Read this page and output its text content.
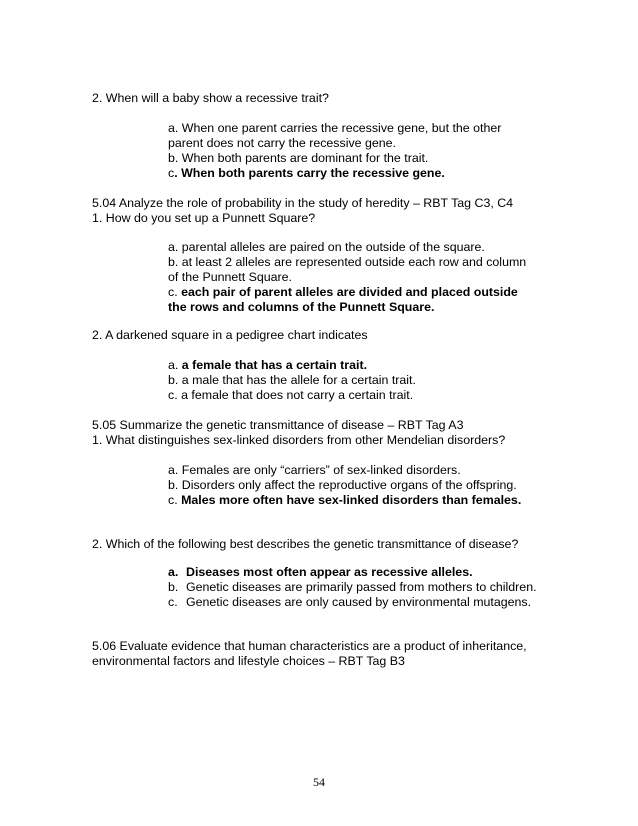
2. When will a baby show a recessive trait?
a. When one parent carries the recessive gene, but the other
parent does not carry the recessive gene.
b. When both parents are dominant for the trait.
c. When both parents carry the recessive gene.
5.04 Analyze the role of probability in the study of heredity – RBT Tag C3, C4
1. How do you set up a Punnett Square?
a. parental alleles are paired on the outside of the square.
b. at least 2 alleles are represented outside each row and column
of the Punnett Square.
c. each pair of parent alleles are divided and placed outside
the rows and columns of the Punnett Square.
2. A darkened square in a pedigree chart indicates
a. a female that has a certain trait.
b. a male that has the allele for a certain trait.
c. a female that does not carry a certain trait.
5.05 Summarize the genetic transmittance of disease – RBT Tag A3
1. What distinguishes sex-linked disorders from other Mendelian disorders?
a. Females are only “carriers” of sex-linked disorders.
b. Disorders only affect the reproductive organs of the offspring.
c. Males more often have sex-linked disorders than females.
2. Which of the following best describes the genetic transmittance of disease?
a. Diseases most often appear as recessive alleles.
b. Genetic diseases are primarily passed from mothers to children.
c. Genetic diseases are only caused by environmental mutagens.
5.06 Evaluate evidence that human characteristics are a product of inheritance,
environmental factors and lifestyle choices – RBT Tag B3
54
